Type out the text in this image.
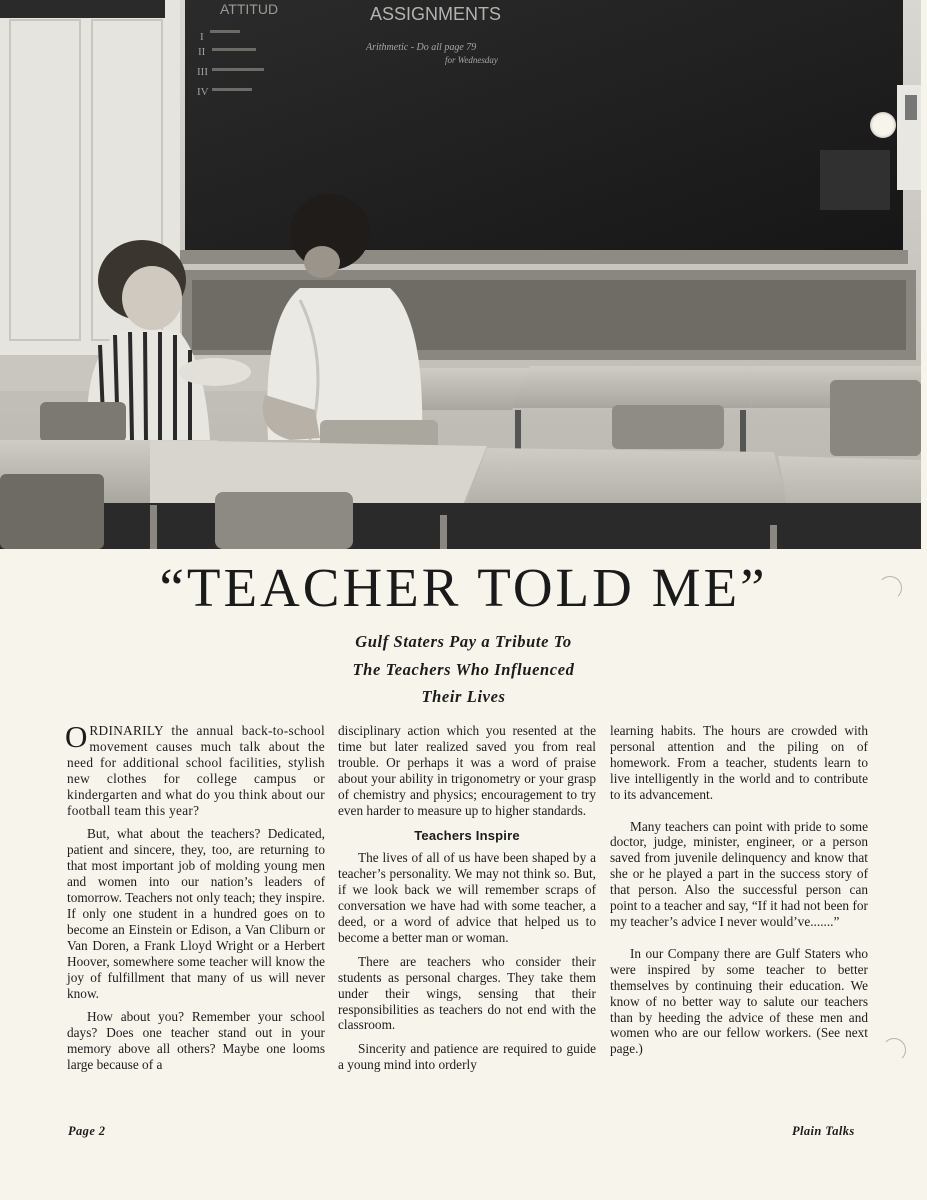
ATTITUD	ASSIGNMENTS
Arithmetic - Do all page 79
for Wednesday
I
II
III
IV
“TEACHER TOLD ME”
Gulf Staters Pay a Tribute To
The Teachers Who Influenced
Their Lives

O RDINARILY the annual back-to-school movement causes much talk about the need for additional school facilities, stylish new clothes for college campus or kindergarten and what do you think about our football team this year?

But, what about the teachers? Dedicated, patient and sincere, they, too, are returning to that most important job of molding young men and women into our nation’s leaders of tomorrow. Teachers not only teach; they inspire. If only one student in a hundred goes on to become an Einstein or Edison, a Van Cliburn or Van Doren, a Frank Lloyd Wright or a Herbert Hoover, somewhere some teacher will know the joy of fulfillment that many of us will never know.

How about you? Remember your school days? Does one teacher stand out in your memory above all others? Maybe one looms large because of a

disciplinary action which you resented at the time but later realized saved you from real trouble. Or perhaps it was a word of praise about your ability in trigonometry or your grasp of chemistry and physics; encouragement to try even harder to measure up to higher standards.

Teachers Inspire

The lives of all of us have been shaped by a teacher’s personality. We may not think so. But, if we look back we will remember scraps of conversation we have had with some teacher, a deed, or a word of advice that helped us to become a better man or woman.

There are teachers who consider their students as personal charges. They take them under their wings, sensing that their responsibilities as teachers do not end with the classroom.

Sincerity and patience are required to guide a young mind into orderly

learning habits. The hours are crowded with personal attention and the piling on of homework. From a teacher, students learn to live intelligently in the world and to contribute to its advancement.

Many teachers can point with pride to some doctor, judge, minister, engineer, or a person saved from juvenile delinquency and know that she or he played a part in the success story of that person. Also the successful person can point to a teacher and say, “If it had not been for my teacher’s advice I never would’ve.......”

In our Company there are Gulf Staters who were inspired by some teacher to better themselves by continuing their education. We know of no better way to salute our teachers than by heeding the advice of these men and women who are our fellow workers. (See next page.)

Page 2	Plain Talks
